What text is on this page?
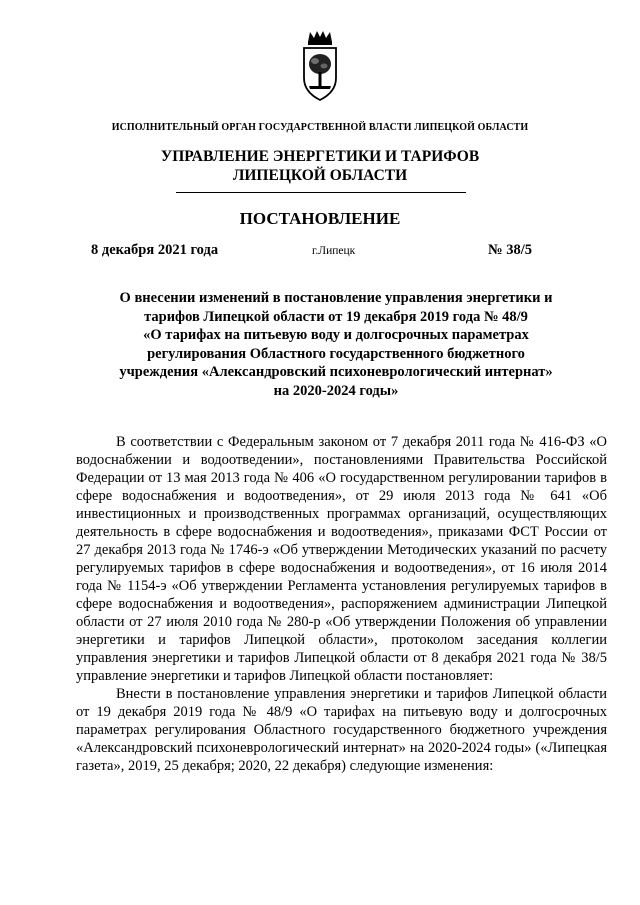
ИСПОЛНИТЕЛЬНЫЙ ОРГАН ГОСУДАРСТВЕННОЙ ВЛАСТИ ЛИПЕЦКОЙ ОБЛАСТИ
УПРАВЛЕНИЕ ЭНЕРГЕТИКИ И ТАРИФОВ
ЛИПЕЦКОЙ ОБЛАСТИ
ПОСТАНОВЛЕНИЕ
8 декабря 2021 года	г.Липецк	№ 38/5
О внесении изменений в постановление управления энергетики и
тарифов Липецкой области от 19 декабря 2019 года № 48/9
«О тарифах на питьевую воду и долгосрочных параметрах
регулирования Областного государственного бюджетного
учреждения «Александровский психоневрологический интернат»
на 2020-2024 годы»

В соответствии с Федеральным законом от 7 декабря 2011 года № 416-ФЗ «О водоснабжении и водоотведении», постановлениями Правительства Российской Федерации от 13 мая 2013 года № 406 «О государственном регулировании тарифов в сфере водоснабжения и водоотведения», от 29 июля 2013 года № 641 «Об инвестиционных и производственных программах организаций, осуществляющих деятельность в сфере водоснабжения и водоотведения», приказами ФСТ России от 27 декабря 2013 года № 1746-э «Об утверждении Методических указаний по расчету регулируемых тарифов в сфере водоснабжения и водоотведения», от 16 июля 2014 года № 1154-э «Об утверждении Регламента установления регулируемых тарифов в сфере водоснабжения и водоотведения», распоряжением администрации Липецкой области от 27 июля 2010 года № 280-р «Об утверждении Положения об управлении энергетики и тарифов Липецкой области», протоколом заседания коллегии управления энергетики и тарифов Липецкой области от 8 декабря 2021 года № 38/5 управление энергетики и тарифов Липецкой области постановляет:

Внести в постановление управления энергетики и тарифов Липецкой области от 19 декабря 2019 года № 48/9 «О тарифах на питьевую воду и долгосрочных параметрах регулирования Областного государственного бюджетного учреждения «Александровский психоневрологический интернат» на 2020-2024 годы» («Липецкая газета», 2019, 25 декабря; 2020, 22 декабря) следующие изменения:
